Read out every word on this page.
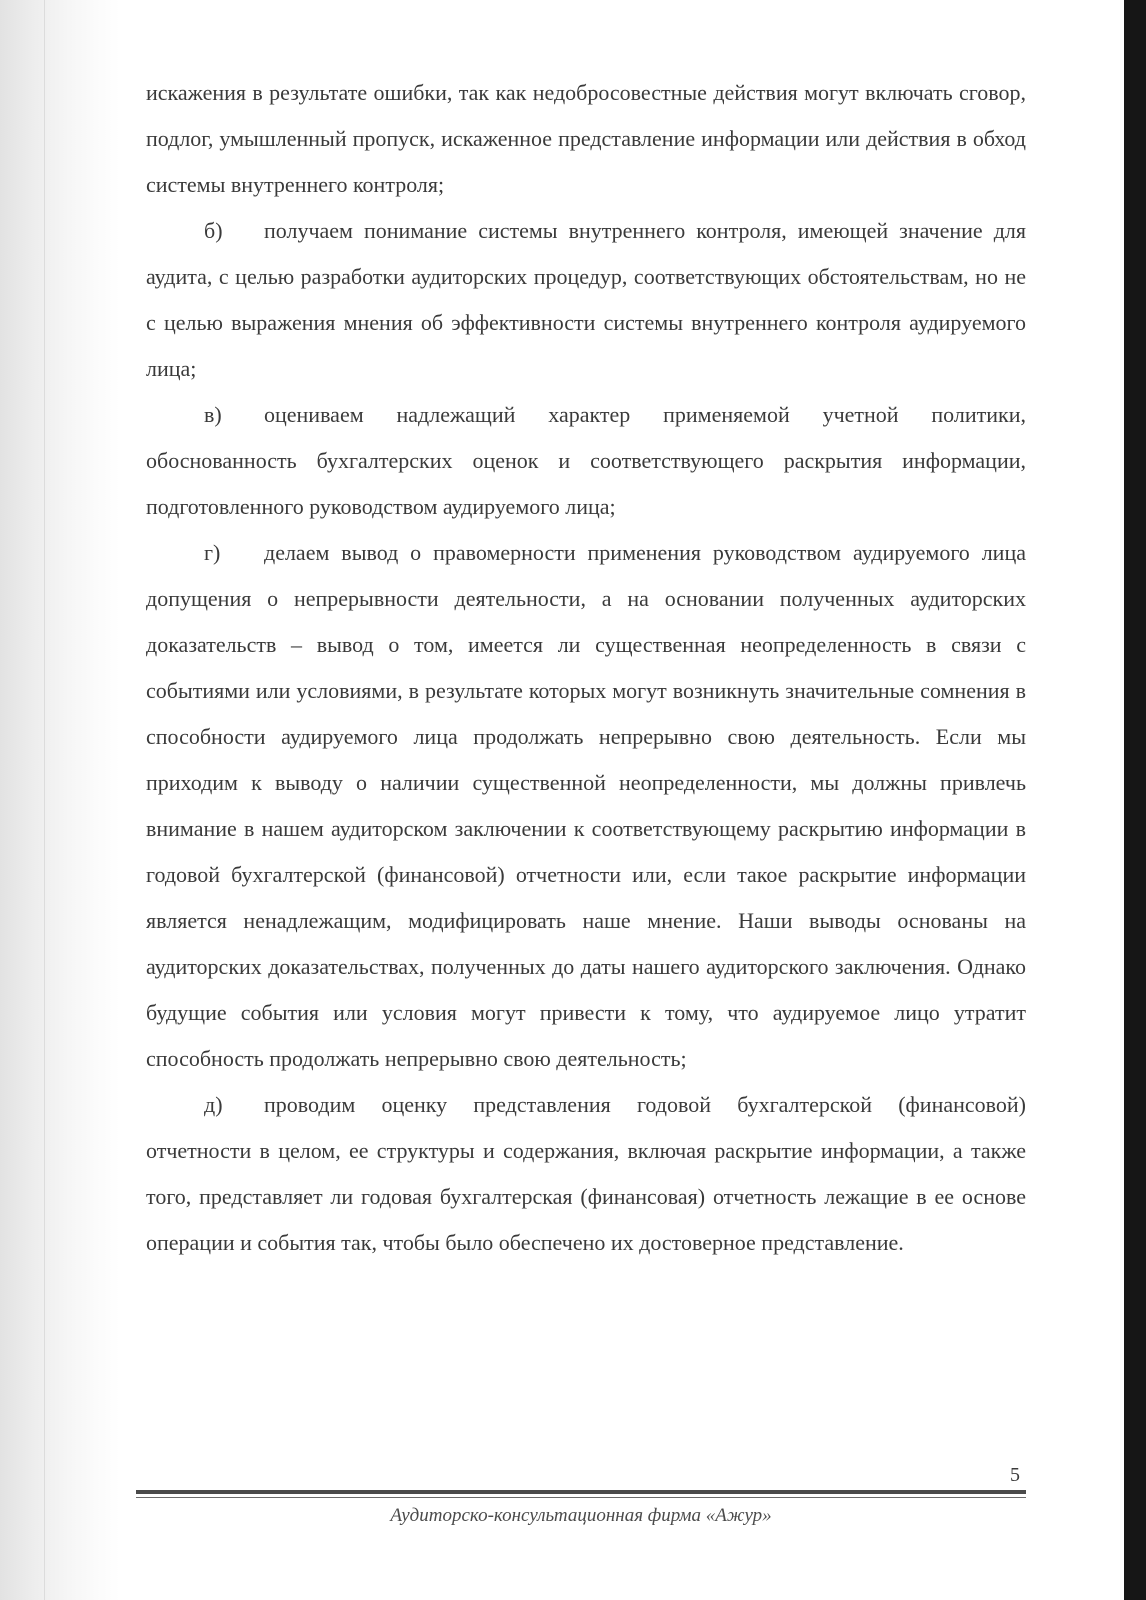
искажения в результате ошибки, так как недобросовестные действия могут включать сговор, подлог, умышленный пропуск, искаженное представление информации или действия в обход системы внутреннего контроля;

б) получаем понимание системы внутреннего контроля, имеющей значение для аудита, с целью разработки аудиторских процедур, соответствующих обстоятельствам, но не с целью выражения мнения об эффективности системы внутреннего контроля аудируемого лица;

в) оцениваем надлежащий характер применяемой учетной политики, обоснованность бухгалтерских оценок и соответствующего раскрытия информации, подготовленного руководством аудируемого лица;

г) делаем вывод о правомерности применения руководством аудируемого лица допущения о непрерывности деятельности, а на основании полученных аудиторских доказательств – вывод о том, имеется ли существенная неопределенность в связи с событиями или условиями, в результате которых могут возникнуть значительные сомнения в способности аудируемого лица продолжать непрерывно свою деятельность. Если мы приходим к выводу о наличии существенной неопределенности, мы должны привлечь внимание в нашем аудиторском заключении к соответствующему раскрытию информации в годовой бухгалтерской (финансовой) отчетности или, если такое раскрытие информации является ненадлежащим, модифицировать наше мнение. Наши выводы основаны на аудиторских доказательствах, полученных до даты нашего аудиторского заключения. Однако будущие события или условия могут привести к тому, что аудируемое лицо утратит способность продолжать непрерывно свою деятельность;

д) проводим оценку представления годовой бухгалтерской (финансовой) отчетности в целом, ее структуры и содержания, включая раскрытие информации, а также того, представляет ли годовая бухгалтерская (финансовая) отчетность лежащие в ее основе операции и события так, чтобы было обеспечено их достоверное представление.

5
Аудиторско-консультационная фирма «Ажур»
